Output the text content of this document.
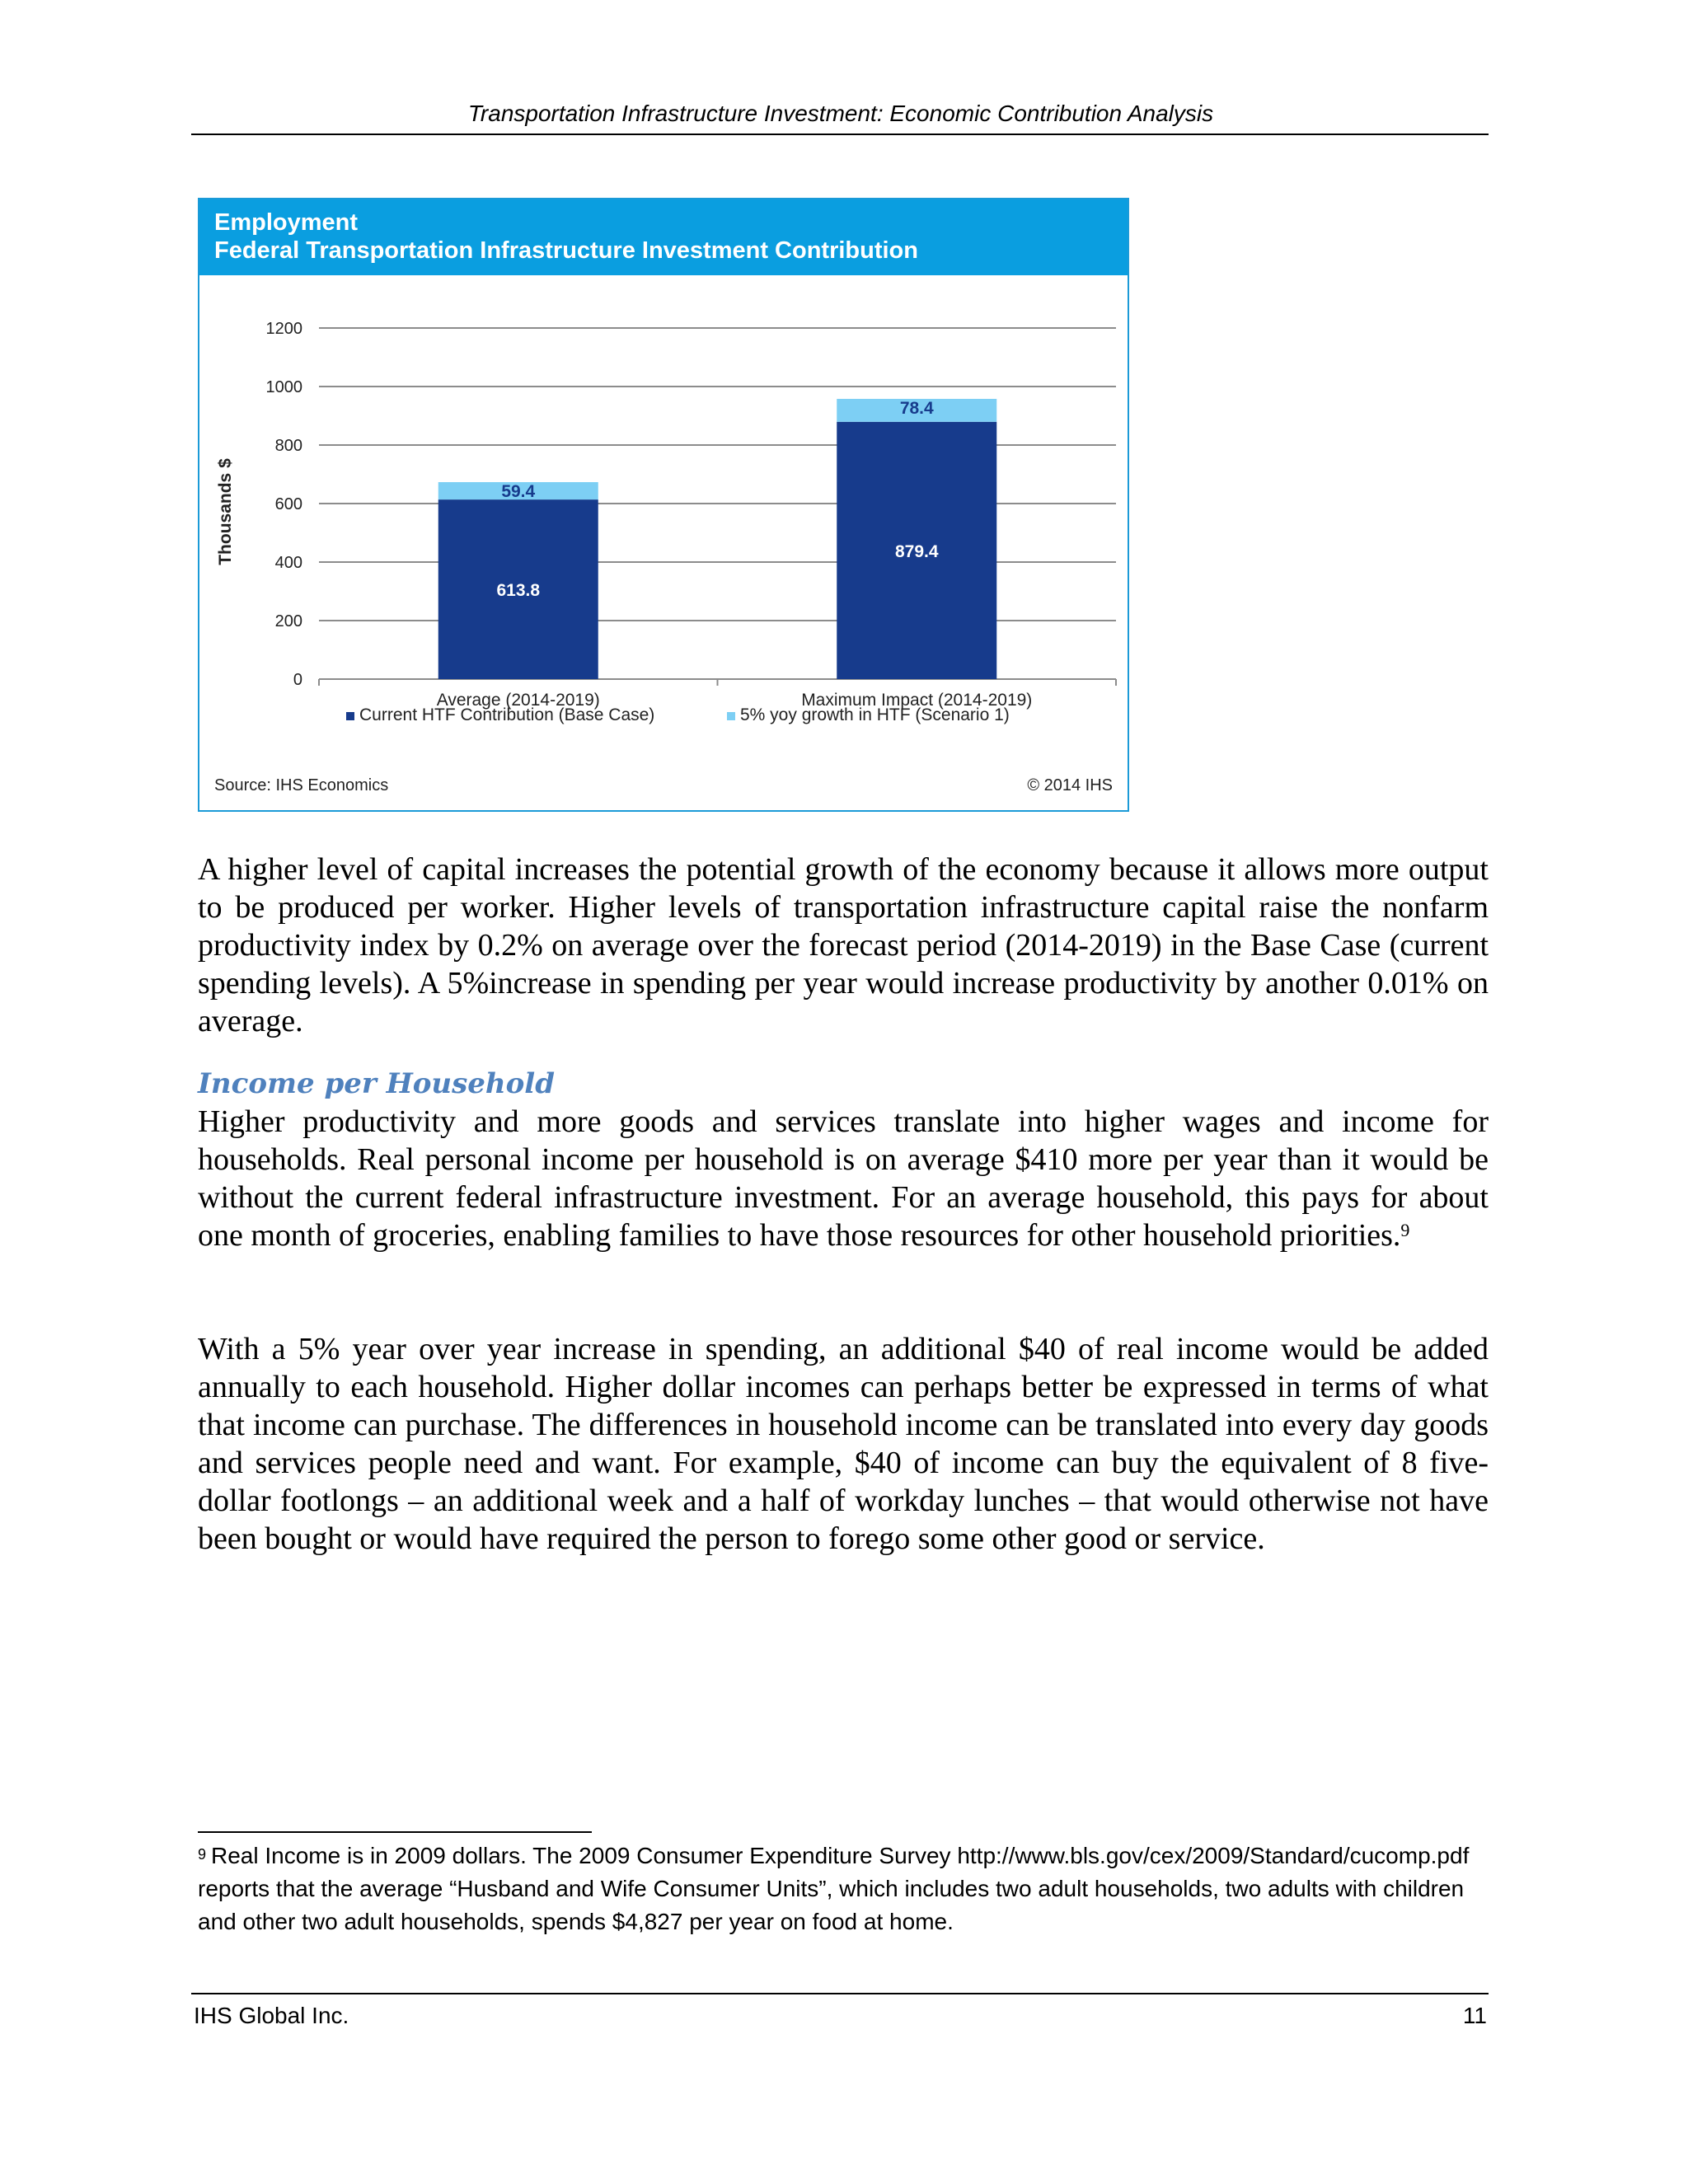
Transportation Infrastructure Investment: Economic Contribution Analysis
Employment
Federal Transportation Infrastructure Investment Contribution
0
200
400
600
800
1000
1200
Thousands $
613.8
59.4
Average (2014-2019)
879.4
78.4
Maximum Impact (2014-2019)
Current HTF Contribution (Base Case)	5% yoy growth in HTF (Scenario 1)
Source: IHS Economics	© 2014 IHS

A higher level of capital increases the potential growth of the economy because it allows more output to be produced per worker. Higher levels of transportation infrastructure capital raise the nonfarm productivity index by 0.2% on average over the forecast period (2014-2019) in the Base Case (current spending levels). A 5%increase in spending per year would increase productivity by another 0.01% on average.

Income per Household

Higher productivity and more goods and services translate into higher wages and income for households. Real personal income per household is on average $410 more per year than it would be without the current federal infrastructure investment. For an average household, this pays for about one month of groceries, enabling families to have those resources for other household priorities.$^9$

With a 5% year over year increase in spending, an additional $40 of real income would be added annually to each household. Higher dollar incomes can perhaps better be expressed in terms of what that income can purchase. The differences in household income can be translated into every day goods and services people need and want. For example, $40 of income can buy the equivalent of 8 five-dollar footlongs – an additional week and a half of workday lunches – that would otherwise not have been bought or would have required the person to forego some other good or service.

$^9$ Real Income is in 2009 dollars. The 2009 Consumer Expenditure Survey http://www.bls.gov/cex/2009/Standard/cucomp.pdf reports that the average “Husband and Wife Consumer Units”, which includes two adult households, two adults with children and other two adult households, spends $4,827 per year on food at home.
IHS Global Inc.	11
